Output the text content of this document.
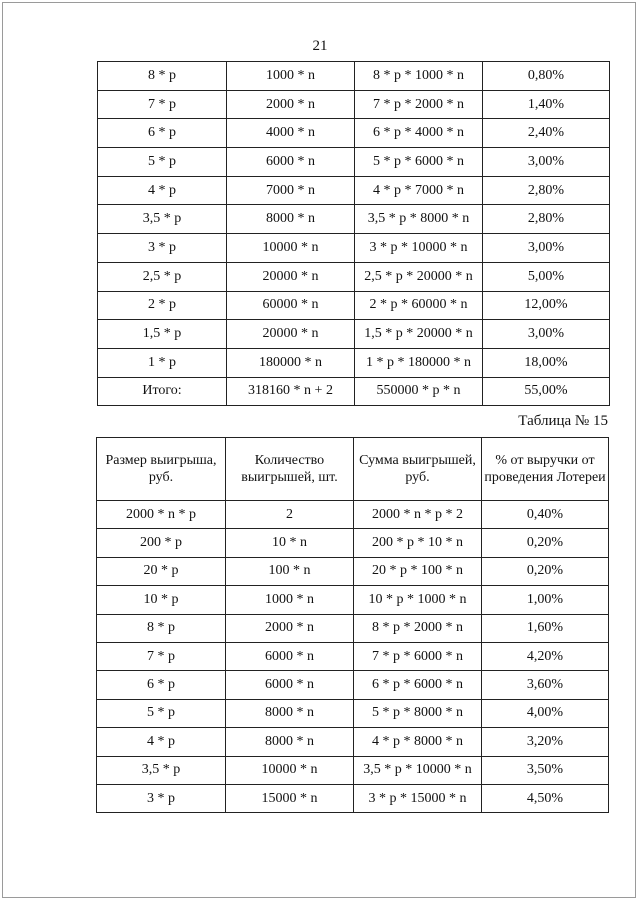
21
8 * р	1000 * n	8 * р * 1000 * n	0,80%
7 * р	2000 * n	7 * р * 2000 * n	1,40%
6 * р	4000 * n	6 * р * 4000 * n	2,40%
5 * р	6000 * n	5 * р * 6000 * n	3,00%
4 * р	7000 * n	4 * р * 7000 * n	2,80%
3,5 * р	8000 * n	3,5 * р * 8000 * n	2,80%
3 * р	10000 * n	3 * р * 10000 * n	3,00%
2,5 * р	20000 * n	2,5 * р * 20000 * n	5,00%
2 * р	60000 * n	2 * р * 60000 * n	12,00%
1,5 * р	20000 * n	1,5 * р * 20000 * n	3,00%
1 * р	180000 * n	1 * р * 180000 * n	18,00%
Итого:	318160 * n + 2	550000 * р * n	55,00%
Таблица № 15
Размер выигрыша, руб.	Количество выигрышей, шт.	Сумма выигрышей, руб.	% от выручки от проведения Лотереи
2000 * n * р	2	2000 * n * р * 2	0,40%
200 * р	10 * n	200 * р * 10 * n	0,20%
20 * р	100 * n	20 * р * 100 * n	0,20%
10 * р	1000 * n	10 * р * 1000 * n	1,00%
8 * р	2000 * n	8 * р * 2000 * n	1,60%
7 * р	6000 * n	7 * р * 6000 * n	4,20%
6 * р	6000 * n	6 * р * 6000 * n	3,60%
5 * р	8000 * n	5 * р * 8000 * n	4,00%
4 * р	8000 * n	4 * р * 8000 * n	3,20%
3,5 * р	10000 * n	3,5 * р * 10000 * n	3,50%
3 * р	15000 * n	3 * р * 15000 * n	4,50%
